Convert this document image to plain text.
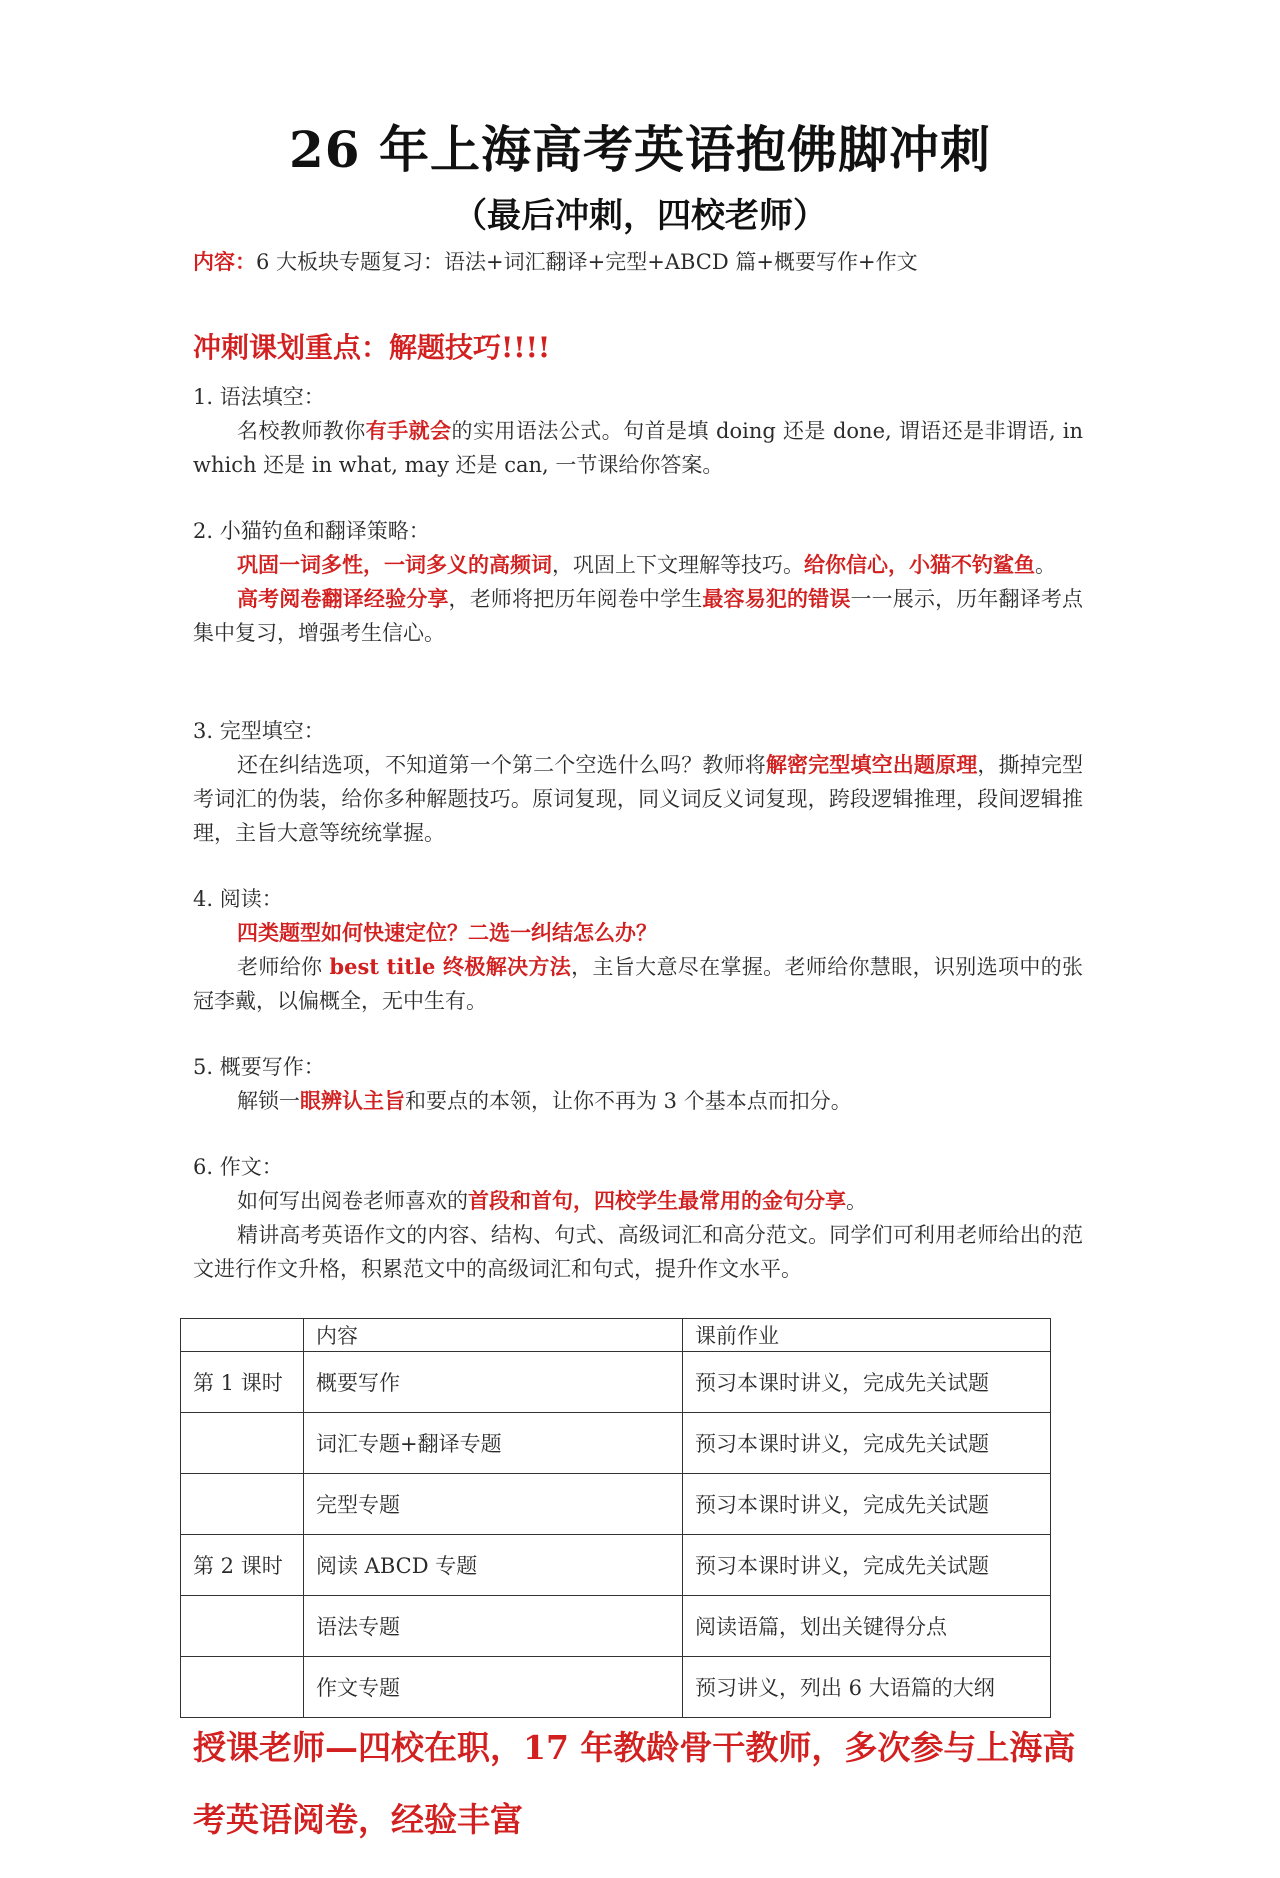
26 年上海高考英语抱佛脚冲刺
（最后冲刺，四校老师）
内容：6 大板块专题复习：语法+词汇翻译+完型+ABCD 篇+概要写作+作文
冲刺课划重点：解题技巧!!!!

1. 语法填空：

名校教师教你有手就会的实用语法公式。句首是填 doing 还是 done, 谓语还是非谓语, in which 还是 in what, may 还是 can, 一节课给你答案。

2. 小猫钓鱼和翻译策略：

巩固一词多性，一词多义的高频词，巩固上下文理解等技巧。给你信心，小猫不钓鲨鱼。

高考阅卷翻译经验分享，老师将把历年阅卷中学生最容易犯的错误一一展示，历年翻译考点集中复习，增强考生信心。

3. 完型填空：

还在纠结选项，不知道第一个第二个空选什么吗？教师将解密完型填空出题原理，撕掉完型考词汇的伪装，给你多种解题技巧。原词复现，同义词反义词复现，跨段逻辑推理，段间逻辑推理，主旨大意等统统掌握。

4. 阅读：

四类题型如何快速定位？二选一纠结怎么办？

老师给你 best title 终极解决方法，主旨大意尽在掌握。老师给你慧眼，识别选项中的张冠李戴，以偏概全，无中生有。

5. 概要写作：

解锁一眼辨认主旨和要点的本领，让你不再为 3 个基本点而扣分。

6. 作文：

如何写出阅卷老师喜欢的首段和首句，四校学生最常用的金句分享。

精讲高考英语作文的内容、结构、句式、高级词汇和高分范文。同学们可利用老师给出的范文进行作文升格，积累范文中的高级词汇和句式，提升作文水平。

	内容	课前作业
第 1 课时	概要写作	预习本课时讲义，完成先关试题
	词汇专题+翻译专题	预习本课时讲义，完成先关试题
	完型专题	预习本课时讲义，完成先关试题
第 2 课时	阅读 ABCD 专题	预习本课时讲义，完成先关试题
	语法专题	阅读语篇，划出关键得分点
	作文专题	预习讲义，列出 6 大语篇的大纲
授课老师—四校在职，17 年教龄骨干教师，多次参与上海高考英语阅卷，经验丰富
